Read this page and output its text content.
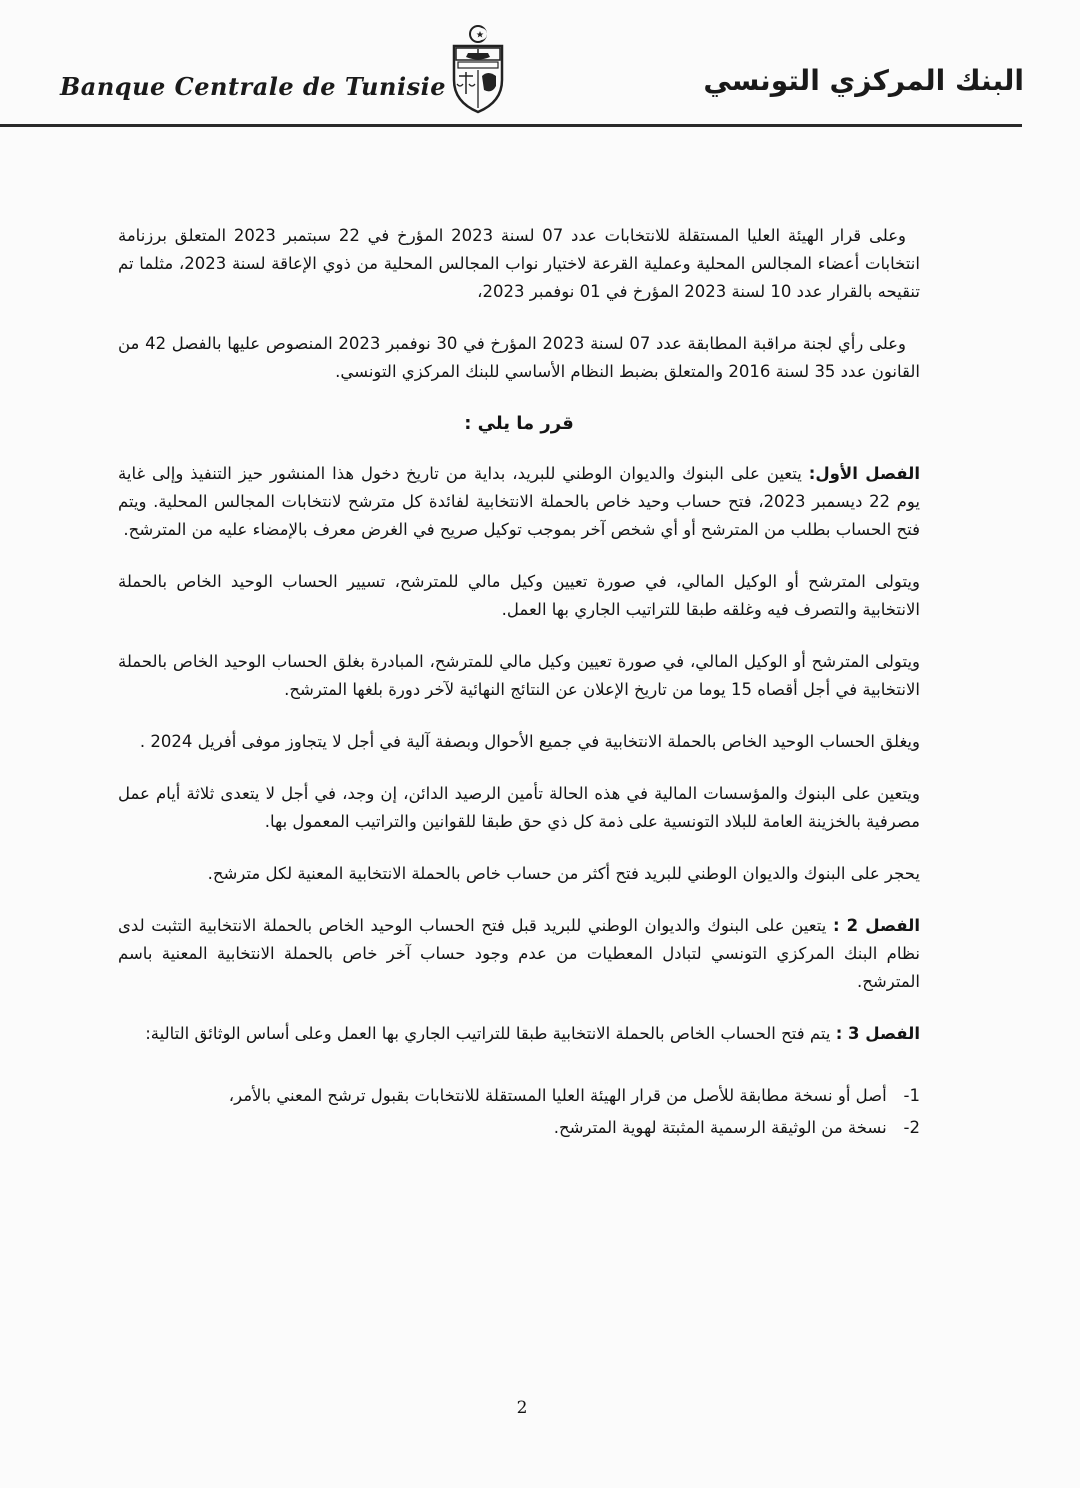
Banque Centrale de Tunisie	البنك المركزي التونسي

وعلى قرار الهيئة العليا المستقلة للانتخابات عدد 07 لسنة 2023 المؤرخ في 22 سبتمبر 2023 المتعلق برزنامة انتخابات أعضاء المجالس المحلية وعملية القرعة لاختيار نواب المجالس المحلية من ذوي الإعاقة لسنة 2023، مثلما تم تنقيحه بالقرار عدد 10 لسنة 2023 المؤرخ في 01 نوفمبر 2023،

وعلى رأي لجنة مراقبة المطابقة عدد 07 لسنة 2023 المؤرخ في 30 نوفمبر 2023 المنصوص عليها بالفصل 42 من القانون عدد 35 لسنة 2016 والمتعلق بضبط النظام الأساسي للبنك المركزي التونسي.

قرر ما يلي :

الفصل الأول: يتعين على البنوك والديوان الوطني للبريد، بداية من تاريخ دخول هذا المنشور حيز التنفيذ وإلى غاية يوم 22 ديسمبر 2023، فتح حساب وحيد خاص بالحملة الانتخابية لفائدة كل مترشح لانتخابات المجالس المحلية. ويتم فتح الحساب بطلب من المترشح أو أي شخص آخر بموجب توكيل صريح في الغرض معرف بالإمضاء عليه من المترشح.

ويتولى المترشح أو الوكيل المالي، في صورة تعيين وكيل مالي للمترشح، تسيير الحساب الوحيد الخاص بالحملة الانتخابية والتصرف فيه وغلقه طبقا للتراتيب الجاري بها العمل.

ويتولى المترشح أو الوكيل المالي، في صورة تعيين وكيل مالي للمترشح، المبادرة بغلق الحساب الوحيد الخاص بالحملة الانتخابية في أجل أقصاه 15 يوما من تاريخ الإعلان عن النتائج النهائية لآخر دورة بلغها المترشح.

ويغلق الحساب الوحيد الخاص بالحملة الانتخابية في جميع الأحوال وبصفة آلية في أجل لا يتجاوز موفى أفريل 2024 .

ويتعين على البنوك والمؤسسات المالية في هذه الحالة تأمين الرصيد الدائن، إن وجد، في أجل لا يتعدى ثلاثة أيام عمل مصرفية بالخزينة العامة للبلاد التونسية على ذمة كل ذي حق طبقا للقوانين والتراتيب المعمول بها.

يحجر على البنوك والديوان الوطني للبريد فتح أكثر من حساب خاص بالحملة الانتخابية المعنية لكل مترشح.

الفصل 2 : يتعين على البنوك والديوان الوطني للبريد قبل فتح الحساب الوحيد الخاص بالحملة الانتخابية التثبت لدى نظام البنك المركزي التونسي لتبادل المعطيات من عدم وجود حساب آخر خاص بالحملة الانتخابية المعنية باسم المترشح.

الفصل 3 : يتم فتح الحساب الخاص بالحملة الانتخابية طبقا للتراتيب الجاري بها العمل وعلى أساس الوثائق التالية:

1- أصل أو نسخة مطابقة للأصل من قرار الهيئة العليا المستقلة للانتخابات بقبول ترشح المعني بالأمر،
2- نسخة من الوثيقة الرسمية المثبتة لهوية المترشح.
2
